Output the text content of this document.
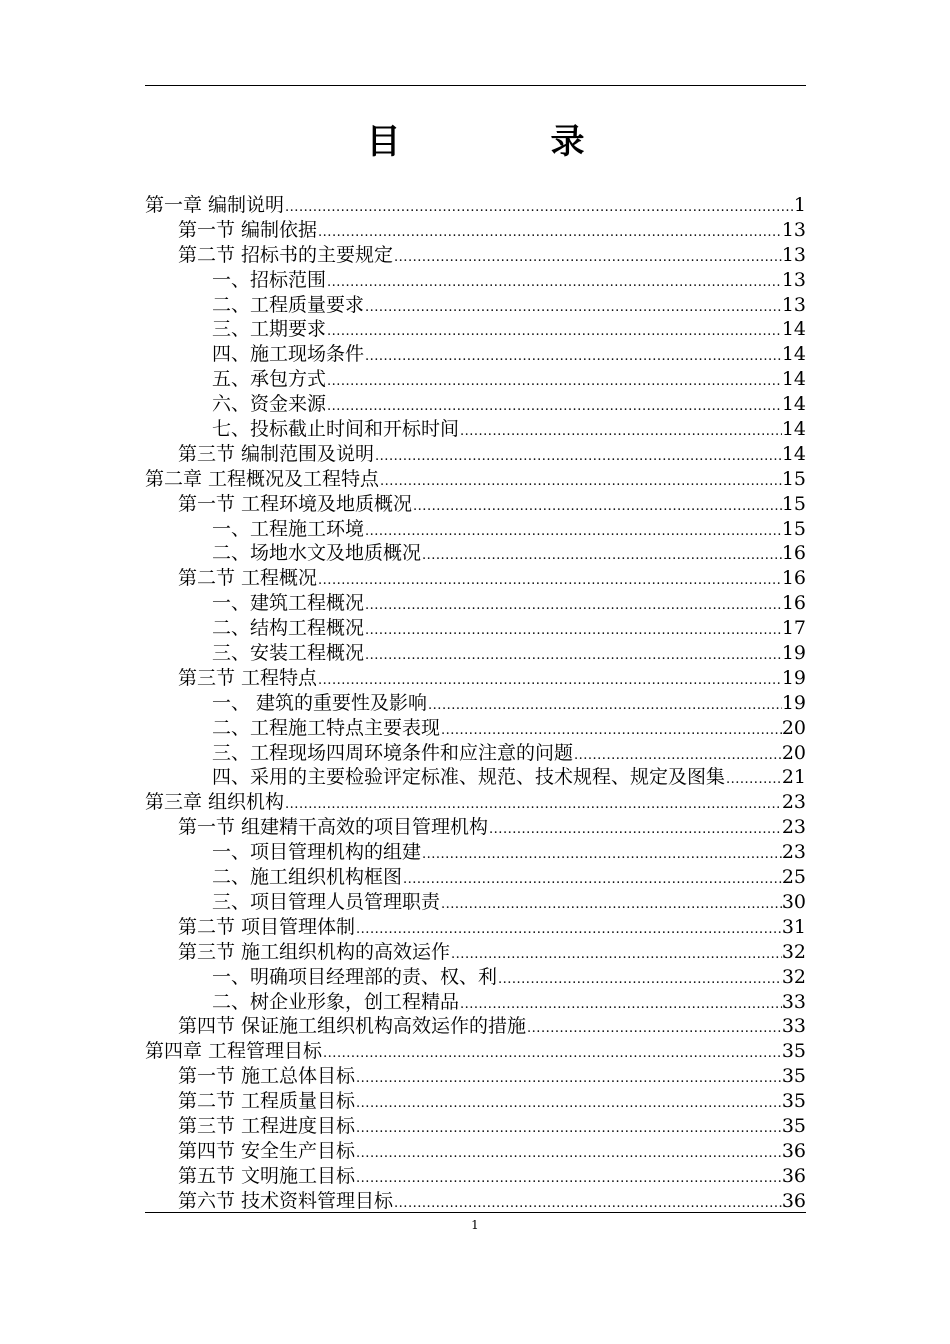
目录
第一章 编制说明 .....	1
第一节 编制依据 .....	13
第二节 招标书的主要规定 .....	13
一、招标范围 .....	13
二、工程质量要求 .....	13
三、工期要求 .....	14
四、施工现场条件 .....	14
五、承包方式 .....	14
六、资金来源 .....	14
七、投标截止时间和开标时间 .....	14
第三节 编制范围及说明 .....	14
第二章 工程概况及工程特点 .....	15
第一节 工程环境及地质概况 .....	15
一、工程施工环境 .....	15
二、场地水文及地质概况 .....	16
第二节 工程概况 .....	16
一、建筑工程概况 .....	16
二、结构工程概况 .....	17
三、安装工程概况 .....	19
第三节 工程特点 .....	19
一、 建筑的重要性及影响 .....	19
二、工程施工特点主要表现 .....	20
三、工程现场四周环境条件和应注意的问题 .....	20
四、采用的主要检验评定标准、规范、技术规程、规定及图集 .....	21
第三章 组织机构 .....	23
第一节 组建精干高效的项目管理机构 .....	23
一、项目管理机构的组建 .....	23
二、施工组织机构框图 .....	25
三、项目管理人员管理职责 .....	30
第二节 项目管理体制 .....	31
第三节 施工组织机构的高效运作 .....	32
一、明确项目经理部的责、权、利 .....	32
二、树企业形象，创工程精品 .....	33
第四节 保证施工组织机构高效运作的措施 .....	33
第四章 工程管理目标 .....	35
第一节 施工总体目标 .....	35
第二节 工程质量目标 .....	35
第三节 工程进度目标 .....	35
第四节 安全生产目标 .....	36
第五节 文明施工目标 .....	36
第六节 技术资料管理目标 .....	36
1
